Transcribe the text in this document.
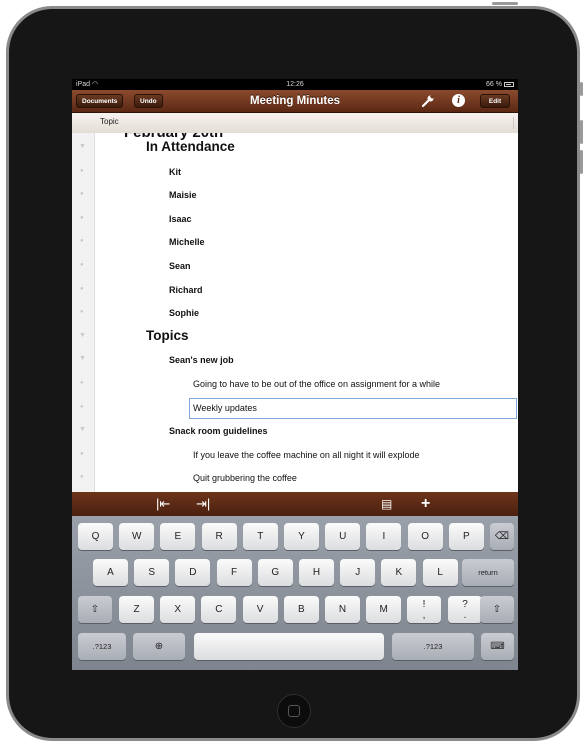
iPad ◠	12:26	66 %
Meeting Minutes
Documents	Undo	i	Edit
Topic
▼	In Attendance
●	Kit
●	Maisie
●	Isaac
●	Michelle
●	Sean
●	Richard
●	Sophie
▼	Topics
▼	Sean's new job
●	Going to have to be out of the office on assignment for a while
●	Weekly updates
▼	Snack room guidelines
●	If you leave the coffee machine on all night it will explode
●	Quit grubbering the coffee
|⇤ ⇥|	▤ +
Q	W	E	R	T	Y	U	I	O	P	⌫
A	S	D	F	G	H	J	K	L	return
⇧	Z	X	C	V	B	N	M	!
,
?
.
⇧
.?123	⊕	.?123	⌨
